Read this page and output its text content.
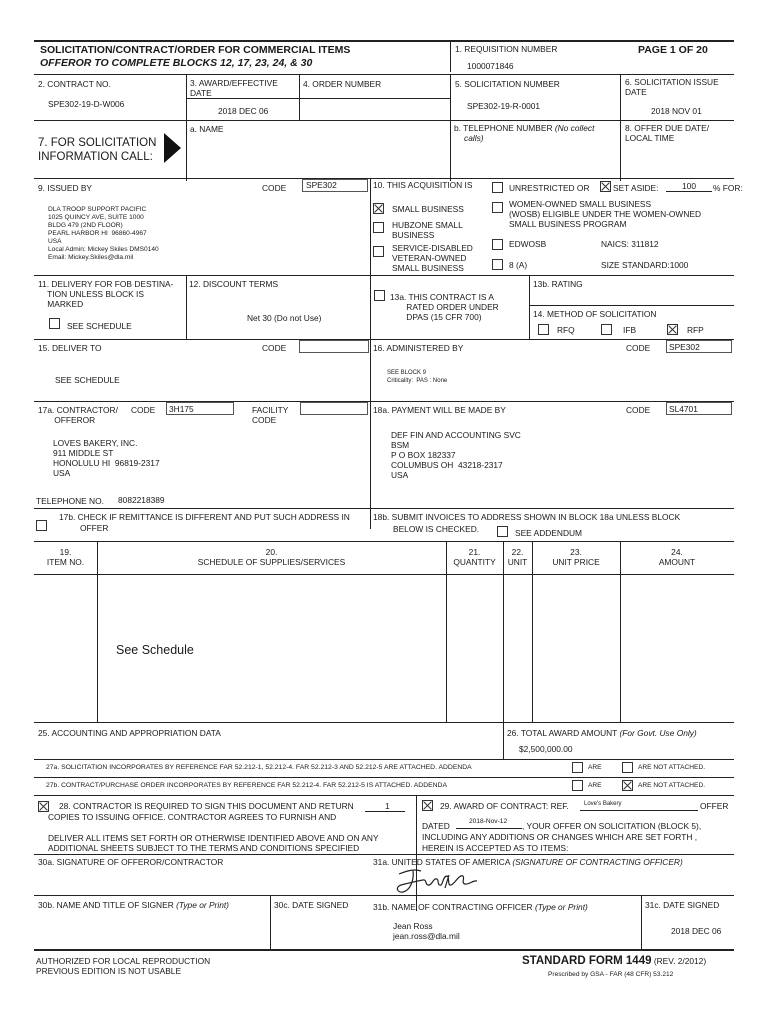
SOLICITATION/CONTRACT/ORDER FOR COMMERCIAL ITEMS
OFFEROR TO COMPLETE BLOCKS 12, 17, 23, 24, & 30
1. REQUISITION NUMBER
1000071846
PAGE 1 OF 20
2. CONTRACT NO.
SPE302-19-D-W006
3. AWARD/EFFECTIVE
DATE
2018 DEC 06
4. ORDER NUMBER	5. SOLICITATION NUMBER
SPE302-19-R-0001
6. SOLICITATION ISSUE
DATE
2018 NOV 01
7. FOR SOLICITATION
INFORMATION CALL:
a. NAME	b. TELEPHONE NUMBER (No collect
calls)
8. OFFER DUE DATE/
LOCAL TIME
9. ISSUED BY	CODE SPE302
DLA TROOP SUPPORT PACIFIC
1025 QUINCY AVE, SUITE 1000
BLDG 479 (2ND FLOOR)
PEARL HARBOR HI  96860-4967
USA
Local Admin: Mickey Skiles DMS0140
Email: Mickey.Skiles@dla.mil
10. THIS ACQUISITION IS	UNRESTRICTED OR	SET ASIDE:	100 % FOR:
SMALL BUSINESS
HUBZONE SMALL
BUSINESS
SERVICE-DISABLED
VETERAN-OWNED
SMALL BUSINESS
WOMEN-OWNED SMALL BUSINESS
(WOSB) ELIGIBLE UNDER THE WOMEN-OWNED
SMALL BUSINESS PROGRAM
EDWOSB
8 (A)
NAICS: 311812
SIZE STANDARD:1000
11. DELIVERY FOR FOB DESTINA-
TION UNLESS BLOCK IS
MARKED
SEE SCHEDULE
12. DISCOUNT TERMS
Net 30 (Do not Use)
13a. THIS CONTRACT IS A
RATED ORDER UNDER
DPAS (15 CFR 700)
13b. RATING
14. METHOD OF SOLICITATION
RFQ	IFB	RFP
15. DELIVER TO	CODE
SEE SCHEDULE
16. ADMINISTERED BY	CODE SPE302
SEE BLOCK 9
Criticality:  PAS : None
17a. CONTRACTOR/
OFFEROR
CODE 3H175	FACILITY
CODE
LOVES BAKERY, INC.
911 MIDDLE ST
HONOLULU HI  96819-2317
USA
TELEPHONE NO. 8082218389
17b. CHECK IF REMITTANCE IS DIFFERENT AND PUT SUCH ADDRESS IN
OFFER
18a. PAYMENT WILL BE MADE BY	CODE SL4701
DEF FIN AND ACCOUNTING SVC
BSM
P O BOX 182337
COLUMBUS OH  43218-2317
USA
18b. SUBMIT INVOICES TO ADDRESS SHOWN IN BLOCK 18a UNLESS BLOCK
BELOW IS CHECKED.	SEE ADDENDUM
19.
ITEM NO.
20.
SCHEDULE OF SUPPLIES/SERVICES
21.
QUANTITY
22.
UNIT
23.
UNIT PRICE
24.
AMOUNT
See Schedule
25. ACCOUNTING AND APPROPRIATION DATA	26. TOTAL AWARD AMOUNT (For Govt. Use Only)
$2,500,000.00
27a. SOLICITATION INCORPORATES BY REFERENCE FAR 52.212-1, 52.212-4. FAR 52.212-3 AND 52.212-5 ARE ATTACHED. ADDENDA	ARE	ARE NOT ATTACHED.
27b. CONTRACT/PURCHASE ORDER INCORPORATES BY REFERENCE FAR 52.212-4. FAR 52.212-5 IS ATTACHED. ADDENDA	ARE	ARE NOT ATTACHED.
28. CONTRACTOR IS REQUIRED TO SIGN THIS DOCUMENT AND RETURN	1
COPIES TO ISSUING OFFICE. CONTRACTOR AGREES TO FURNISH AND
DELIVER ALL ITEMS SET FORTH OR OTHERWISE IDENTIFIED ABOVE AND ON ANY
ADDITIONAL SHEETS SUBJECT TO THE TERMS AND CONDITIONS SPECIFIED
29. AWARD OF CONTRACT: REF.	Love's Bakery	OFFER
DATED	2018-Nov-12 , YOUR OFFER ON SOLICITATION (BLOCK 5),
INCLUDING ANY ADDITIONS OR CHANGES WHICH ARE SET FORTH ,
HEREIN IS ACCEPTED AS TO ITEMS:
30a. SIGNATURE OF OFFEROR/CONTRACTOR	31a. UNITED STATES OF AMERICA (SIGNATURE OF CONTRACTING OFFICER)
30b. NAME AND TITLE OF SIGNER (Type or Print)	30c. DATE SIGNED	31b. NAME OF CONTRACTING OFFICER (Type or Print)
Jean Ross
jean.ross@dla.mil
31c. DATE SIGNED
2018 DEC 06
AUTHORIZED FOR LOCAL REPRODUCTION
PREVIOUS EDITION IS NOT USABLE
STANDARD FORM 1449 (REV. 2/2012)
Prescribed by GSA - FAR (48 CFR) 53.212
